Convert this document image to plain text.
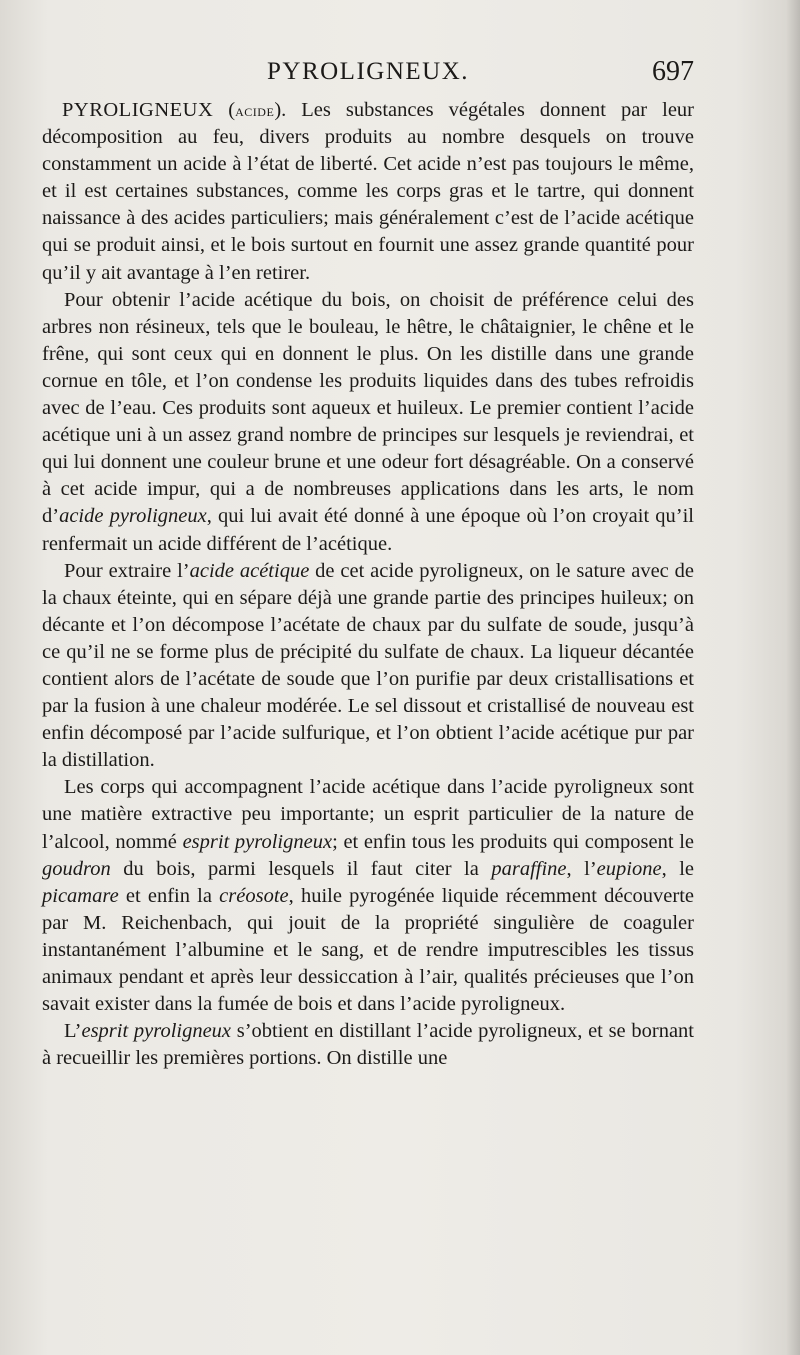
PYROLIGNEUX.	697

PYROLIGNEUX (acide). Les substances végétales donnent par leur décomposition au feu, divers produits au nombre desquels on trouve constamment un acide à l’état de liberté. Cet acide n’est pas toujours le même, et il est certaines substances, comme les corps gras et le tartre, qui donnent naissance à des acides particuliers; mais généralement c’est de l’acide acétique qui se produit ainsi, et le bois surtout en fournit une assez grande quantité pour qu’il y ait avantage à l’en retirer.

Pour obtenir l’acide acétique du bois, on choisit de préférence celui des arbres non résineux, tels que le bouleau, le hêtre, le châtaignier, le chêne et le frêne, qui sont ceux qui en donnent le plus. On les distille dans une grande cornue en tôle, et l’on condense les produits liquides dans des tubes refroidis avec de l’eau. Ces produits sont aqueux et huileux. Le premier contient l’acide acétique uni à un assez grand nombre de principes sur lesquels je reviendrai, et qui lui donnent une couleur brune et une odeur fort désagréable. On a conservé à cet acide impur, qui a de nombreuses applications dans les arts, le nom d’acide pyroligneux, qui lui avait été donné à une époque où l’on croyait qu’il renfermait un acide différent de l’acétique.

Pour extraire l’acide acétique de cet acide pyroligneux, on le sature avec de la chaux éteinte, qui en sépare déjà une grande partie des principes huileux; on décante et l’on décompose l’acétate de chaux par du sulfate de soude, jusqu’à ce qu’il ne se forme plus de précipité du sulfate de chaux. La liqueur décantée contient alors de l’acétate de soude que l’on purifie par deux cristallisations et par la fusion à une chaleur modérée. Le sel dissout et cristallisé de nouveau est enfin décomposé par l’acide sulfurique, et l’on obtient l’acide acétique pur par la distillation.

Les corps qui accompagnent l’acide acétique dans l’acide pyroligneux sont une matière extractive peu importante; un esprit particulier de la nature de l’alcool, nommé esprit pyroligneux; et enfin tous les produits qui composent le goudron du bois, parmi lesquels il faut citer la paraffine, l’eupione, le picamare et enfin la créosote, huile pyrogénée liquide récemment découverte par M. Reichenbach, qui jouit de la propriété singulière de coaguler instantanément l’albumine et le sang, et de rendre imputrescibles les tissus animaux pendant et après leur dessiccation à l’air, qualités précieuses que l’on savait exister dans la fumée de bois et dans l’acide pyroligneux.

L’esprit pyroligneux s’obtient en distillant l’acide pyroligneux, et se bornant à recueillir les premières portions. On distille une
